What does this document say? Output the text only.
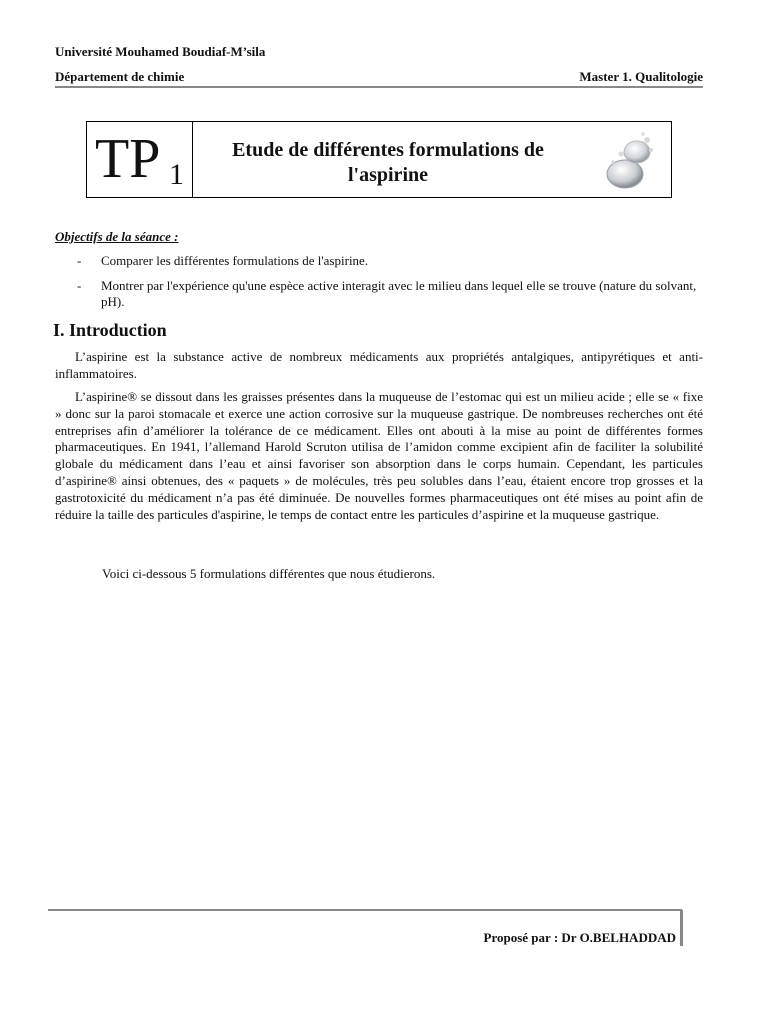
Université Mouhamed Boudiaf-M’sila
Département de chimie	Master 1. Qualitologie
TP 1
Etude de différentes formulations de l'aspirine
Objectifs de la séance :
- Comparer les différentes formulations de l'aspirine.
- Montrer par l'expérience qu'une espèce active interagit avec le milieu dans lequel elle se trouve (nature du solvant, pH).
I. Introduction
L’aspirine est la substance active de nombreux médicaments aux propriétés antalgiques, antipyrétiques et anti-inflammatoires.
L’aspirine® se dissout dans les graisses présentes dans la muqueuse de l’estomac qui est un milieu acide ; elle se « fixe » donc sur la paroi stomacale et exerce une action corrosive sur la muqueuse gastrique. De nombreuses recherches ont été entreprises afin d’améliorer la tolérance de ce médicament. Elles ont abouti à la mise au point de différentes formes pharmaceutiques. En 1941, l’allemand Harold Scruton utilisa de l’amidon comme excipient afin de faciliter la solubilité globale du médicament dans l’eau et ainsi favoriser son absorption dans le corps humain. Cependant, les particules d’aspirine® ainsi obtenues, des « paquets » de molécules, très peu solubles dans l’eau, étaient encore trop grosses et la gastrotoxicité du médicament n’a pas été diminuée. De nouvelles formes pharmaceutiques ont été mises au point afin de réduire la taille des particules d'aspirine, le temps de contact entre les particules d’aspirine et la muqueuse gastrique.
Voici ci-dessous 5 formulations différentes que nous étudierons.
Proposé par : Dr O.BELHADDAD
